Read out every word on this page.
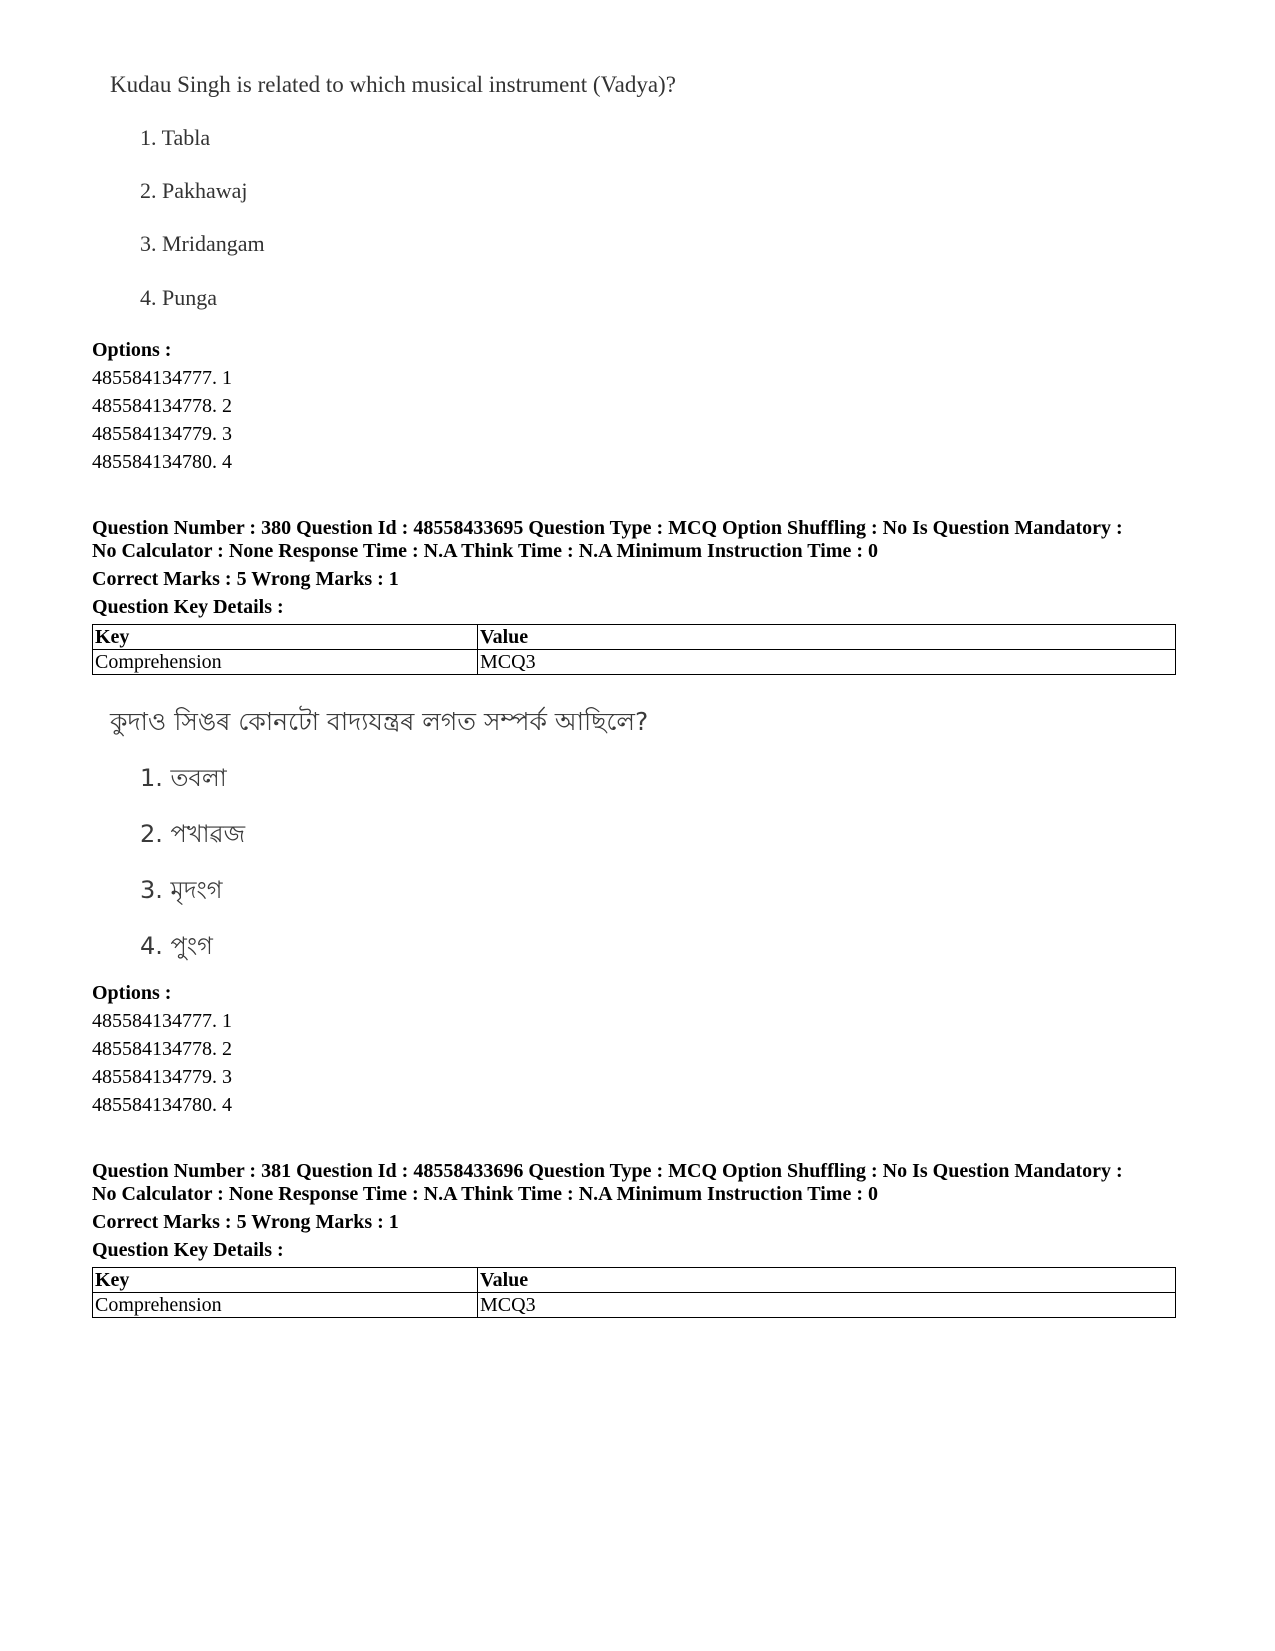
Kudau Singh is related to which musical instrument (Vadya)?
1. Tabla
2. Pakhawaj
3. Mridangam
4. Punga
Options :
485584134777. 1
485584134778. 2
485584134779. 3
485584134780. 4
Question Number : 380 Question Id : 48558433695 Question Type : MCQ Option Shuffling : No Is Question Mandatory :
No Calculator : None Response Time : N.A Think Time : N.A Minimum Instruction Time : 0
Correct Marks : 5 Wrong Marks : 1
Question Key Details :
Key	Value
Comprehension	MCQ3
কুদাও সিঙৰ কোনটো বাদ্যযন্ত্ৰৰ লগত সম্পৰ্ক আছিলে?
1. তবলা
2. পখাৱজ
3. মৃদংগ
4. পুংগ
Options :
485584134777. 1
485584134778. 2
485584134779. 3
485584134780. 4
Question Number : 381 Question Id : 48558433696 Question Type : MCQ Option Shuffling : No Is Question Mandatory :
No Calculator : None Response Time : N.A Think Time : N.A Minimum Instruction Time : 0
Correct Marks : 5 Wrong Marks : 1
Question Key Details :
Key	Value
Comprehension	MCQ3
